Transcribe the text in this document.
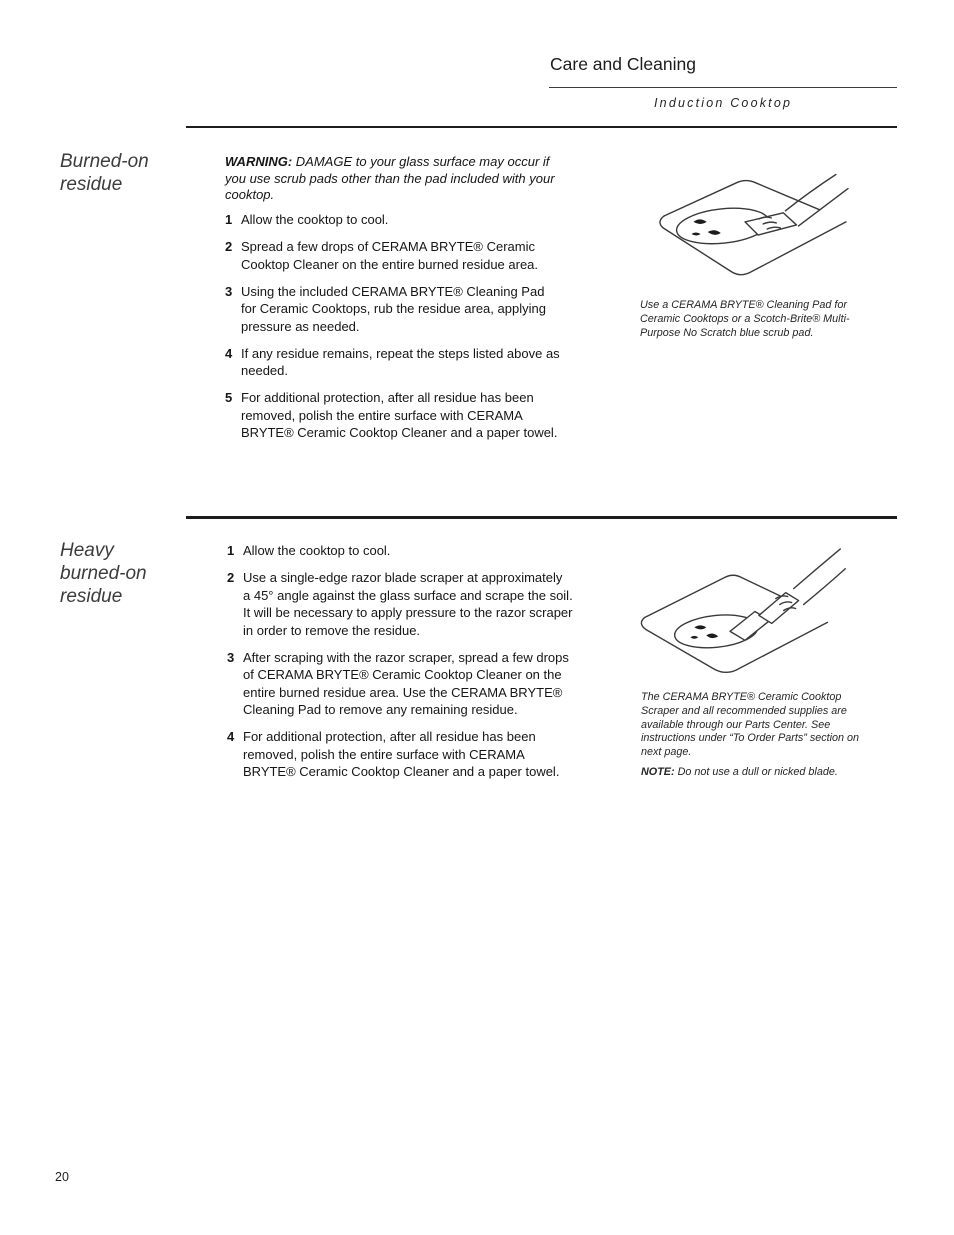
Care and Cleaning
Induction Cooktop
Burned-on residue

WARNING: DAMAGE to your glass surface may occur if you use scrub pads other than the pad included with your cooktop.

1 Allow the cooktop to cool.
2 Spread a few drops of CERAMA BRYTE® Ceramic Cooktop Cleaner on the entire burned residue area.
3 Using the included CERAMA BRYTE® Cleaning Pad for Ceramic Cooktops, rub the residue area, applying pressure as needed.
4 If any residue remains, repeat the steps listed above as needed.
5 For additional protection, after all residue has been removed, polish the entire surface with CERAMA BRYTE® Ceramic Cooktop Cleaner and a paper towel.

Use a CERAMA BRYTE® Cleaning Pad for Ceramic Cooktops or a Scotch-Brite® Multi-Purpose No Scratch blue scrub pad.

Heavy burned-on residue
1 Allow the cooktop to cool.
2 Use a single-edge razor blade scraper at approximately a 45° angle against the glass surface and scrape the soil. It will be necessary to apply pressure to the razor scraper in order to remove the residue.
3 After scraping with the razor scraper, spread a few drops of CERAMA BRYTE® Ceramic Cooktop Cleaner on the entire burned residue area. Use the CERAMA BRYTE® Cleaning Pad to remove any remaining residue.
4 For additional protection, after all residue has been removed, polish the entire surface with CERAMA BRYTE® Ceramic Cooktop Cleaner and a paper towel.

The CERAMA BRYTE® Ceramic Cooktop Scraper and all recommended supplies are available through our Parts Center. See instructions under “To Order Parts” section on next page.

NOTE: Do not use a dull or nicked blade.

20
